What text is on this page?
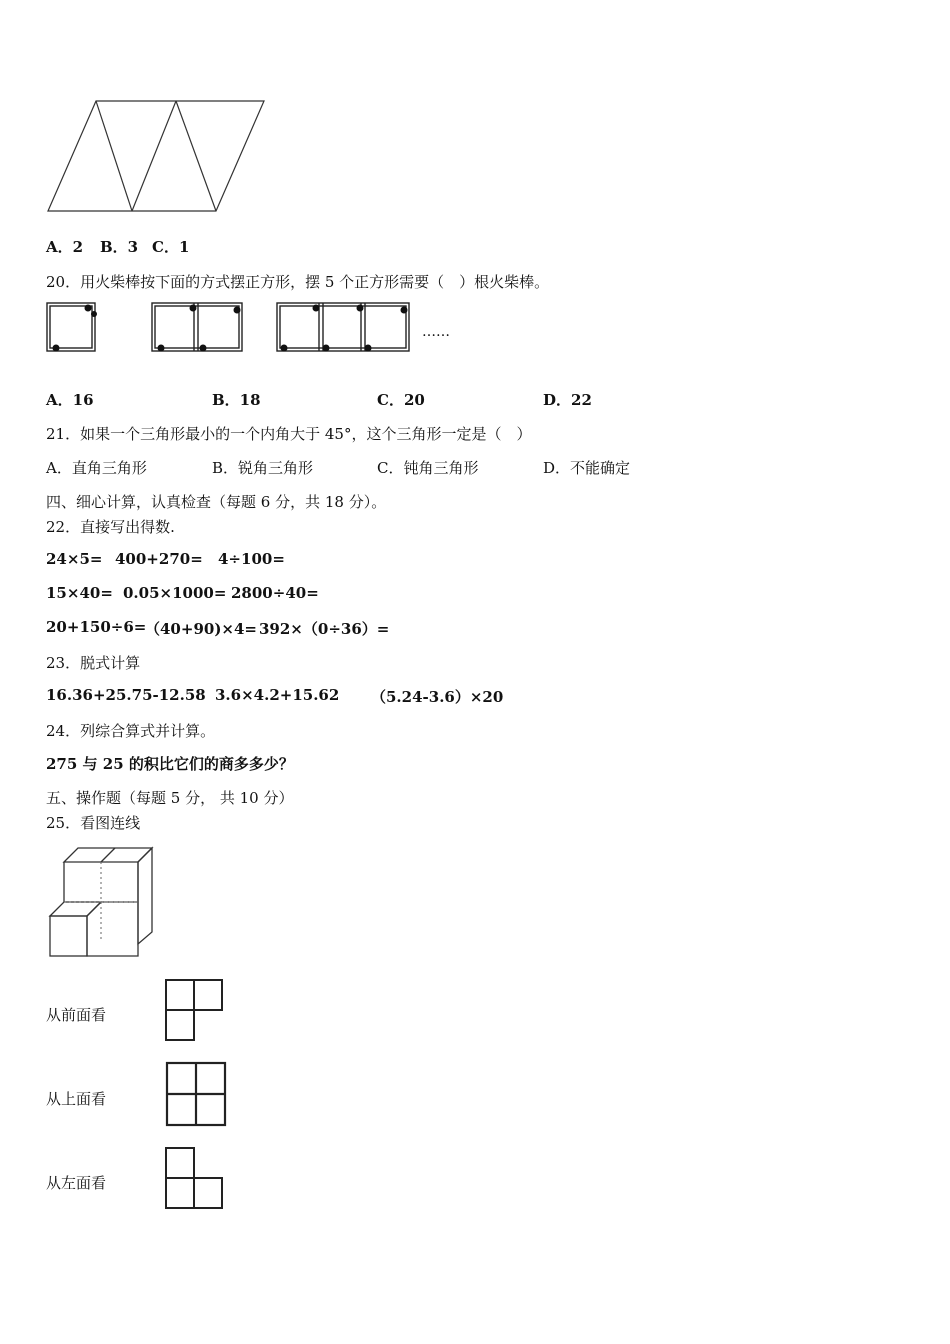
A．2 B．3 C．1
20．用火柴棒按下面的方式摆正方形，摆 5 个正方形需要（　）根火柴棒。
……
A．16	B．18	C．20	D．22
21．如果一个三角形最小的一个内角大于 45°，这个三角形一定是（　）
A．直角三角形	B．锐角三角形	C．钝角三角形	D．不能确定
四、细心计算，认真检查（每题 6 分，共 18 分）。
22．直接写出得数.
24×5= 400+270= 4÷100=
15×40= 0.05×1000= 2800÷40=
20+150÷6=
（40+90)×4= 392×（0÷36）=
23．脱式计算
16.36+25.75-12.58 3.6×4.2+15.62 （5.24-3.6）×20
24．列综合算式并计算。
275 与 25 的积比它们的商多多少？
五、操作题（每题 5 分， 共 10 分）
25．看图连线
从前面看
从上面看
从左面看
